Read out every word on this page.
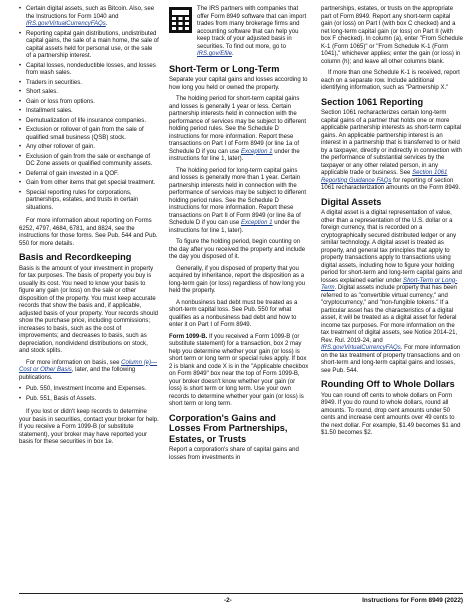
• Certain digital assets, such as Bitcoin. Also, see the Instructions for Form 1040 and IRS.gov/VirtualCurrencyFAQs.
• Reporting capital gain distributions, undistributed capital gains, the sale of a main home, the sale of capital assets held for personal use, or the sale of a partnership interest.
• Capital losses, nondeductible losses, and losses from wash sales.
• Traders in securities.
• Short sales.
• Gain or loss from options.
• Installment sales.
• Demutualization of life insurance companies.
• Exclusion or rollover of gain from the sale of qualified small business (QSB) stock.
• Any other rollover of gain.
• Exclusion of gain from the sale or exchange of DC Zone assets or qualified community assets.
• Deferral of gain invested in a QOF.
• Gain from other items that get special treatment.
• Special reporting rules for corporations, partnerships, estates, and trusts in certain situations.

For more information about reporting on Forms 6252, 4797, 4684, 6781, and 8824, see the instructions for those forms. See Pub. 544 and Pub. 550 for more details.

Basis and Recordkeeping

Basis is the amount of your investment in property for tax purposes. The basis of property you buy is usually its cost. You need to know your basis to figure any gain (or loss) on the sale or other disposition of the property. You must keep accurate records that show the basis and, if applicable, adjusted basis of your property. Your records should show the purchase price, including commissions; increases to basis, such as the cost of improvements; and decreases to basis, such as depreciation, nondividend distributions on stock, and stock splits.

For more information on basis, see Column (e)—Cost or Other Basis, later, and the following publications.

• Pub. 550, Investment Income and Expenses.
• Pub. 551, Basis of Assets.

If you lost or didn't keep records to determine your basis in securities, contact your broker for help. If you receive a Form 1099-B (or substitute statement), your broker may have reported your basis for these securities in box 1e.

The IRS partners with companies that offer Form 8949 software that can import trades from many brokerage firms and accounting software that can help you keep track of your adjusted basis in securities. To find out more, go to IRS.gov/Efile.
Short-Term or Long-Term

Separate your capital gains and losses according to how long you held or owned the property.

The holding period for short-term capital gains and losses is generally 1 year or less. Certain partnership interests held in connection with the performance of services may be subject to different holding period rules. See the Schedule D instructions for more information. Report these transactions on Part I of Form 8949 (or line 1a of Schedule D if you can use Exception 1 under the instructions for line 1, later).

The holding period for long-term capital gains and losses is generally more than 1 year. Certain partnership interests held in connection with the performance of services may be subject to different holding period rules. See the Schedule D instructions for more information. Report these transactions on Part II of Form 8949 (or line 8a of Schedule D if you can use Exception 1 under the instructions for line 1, later).

To figure the holding period, begin counting on the day after you received the property and include the day you disposed of it.

Generally, if you disposed of property that you acquired by inheritance, report the disposition as a long-term gain (or loss) regardless of how long you held the property.

A nonbusiness bad debt must be treated as a short-term capital loss. See Pub. 550 for what qualifies as a nonbusiness bad debt and how to enter it on Part I of Form 8949.

Form 1099-B. If you received a Form 1099-B (or substitute statement) for a transaction, box 2 may help you determine whether your gain (or loss) is short term or long term or special rules apply. If box 2 is blank and code X is in the "Applicable checkbox on Form 8949" box near the top of Form 1099-B, your broker doesn't know whether your gain (or loss) is short term or long term. Use your own records to determine whether your gain (or loss) is short term or long term.

Corporation's Gains and Losses From Partnerships, Estates, or Trusts

Report a corporation's share of capital gains and losses from investments in

partnerships, estates, or trusts on the appropriate part of Form 8949. Report any short-term capital gain (or loss) on Part I (with box C checked) and a net long-term capital gain (or loss) on Part II (with box F checked). In column (a), enter "From Schedule K-1 (Form 1065)" or "From Schedule K-1 (Form 1041)," whichever applies; enter the gain (or loss) in column (h); and leave all other columns blank.

If more than one Schedule K-1 is received, report each on a separate row. Include additional identifying information, such as "Partnership X."

Section 1061 Reporting

Section 1061 recharacterizes certain long-term capital gains of a partner that holds one or more applicable partnership interests as short-term capital gains. An applicable partnership interest is an interest in a partnership that is transferred to or held by a taxpayer, directly or indirectly in connection with the performance of substantial services by the taxpayer or any other related person, in any applicable trade or business. See Section 1061 Reporting Guidance FAQs for reporting of section 1061 recharacterization amounts on the Form 8949.

Digital Assets

A digital asset is a digital representation of value, other than a representation of the U.S. dollar or a foreign currency, that is recorded on a cryptographically secured distributed ledger or any similar technology. A digital asset is treated as property, and general tax principles that apply to property transactions apply to transactions using digital assets, including how to figure your holding period for short-term and long-term capital gains and losses explained earlier under Short-Term or Long-Term. Digital assets include property that has been referred to as "convertible virtual currency," and "cryptocurrency," and "non-fungible tokens." If a particular asset has the characteristics of a digital asset, it will be treated as a digital asset for federal income tax purposes. For more information on the tax treatment of digital assets, see Notice 2014-21, Rev. Rul. 2019-24, and IRS.gov/VirtualCurrencyFAQs. For more information on the tax treatment of property transactions and on short-term and long-term capital gains and losses, see Pub. 544.

Rounding Off to Whole Dollars

You can round off cents to whole dollars on Form 8949. If you do round to whole dollars, round all amounts. To round, drop cent amounts under 50 cents and increase cent amounts over 49 cents to the next dollar. For example, $1.49 becomes $1 and $1.50 becomes $2.

-2-	Instructions for Form 8949 (2022)
